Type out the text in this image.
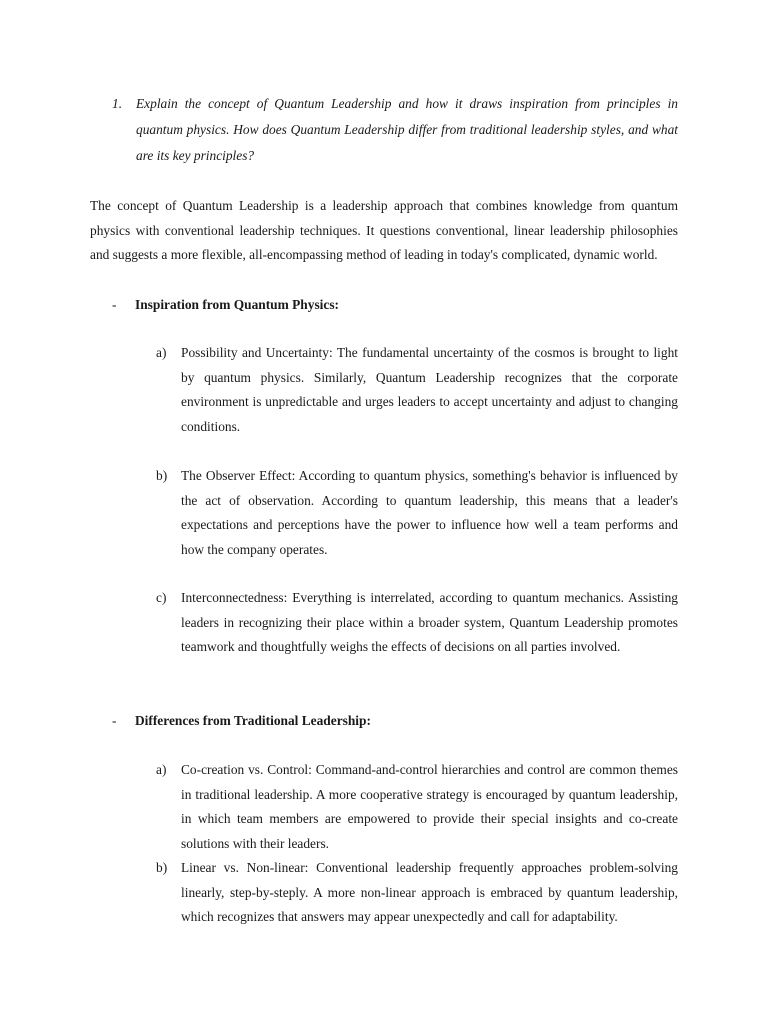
1.	Explain the concept of Quantum Leadership and how it draws inspiration from principles in quantum physics. How does Quantum Leadership differ from traditional leadership styles, and what are its key principles?

The concept of Quantum Leadership is a leadership approach that combines knowledge from quantum physics with conventional leadership techniques. It questions conventional, linear leadership philosophies and suggests a more flexible, all-encompassing method of leading in today's complicated, dynamic world.

-	Inspiration from Quantum Physics:
a)	Possibility and Uncertainty: The fundamental uncertainty of the cosmos is brought to light by quantum physics. Similarly, Quantum Leadership recognizes that the corporate environment is unpredictable and urges leaders to accept uncertainty and adjust to changing conditions.
b)	The Observer Effect: According to quantum physics, something's behavior is influenced by the act of observation. According to quantum leadership, this means that a leader's expectations and perceptions have the power to influence how well a team performs and how the company operates.
c)	Interconnectedness: Everything is interrelated, according to quantum mechanics. Assisting leaders in recognizing their place within a broader system, Quantum Leadership promotes teamwork and thoughtfully weighs the effects of decisions on all parties involved.
-	Differences from Traditional Leadership:
a)	Co-creation vs. Control: Command-and-control hierarchies and control are common themes in traditional leadership. A more cooperative strategy is encouraged by quantum leadership, in which team members are empowered to provide their special insights and co-create solutions with their leaders.
b)	Linear vs. Non-linear: Conventional leadership frequently approaches problem-solving linearly, step-by-steply. A more non-linear approach is embraced by quantum leadership, which recognizes that answers may appear unexpectedly and call for adaptability.
